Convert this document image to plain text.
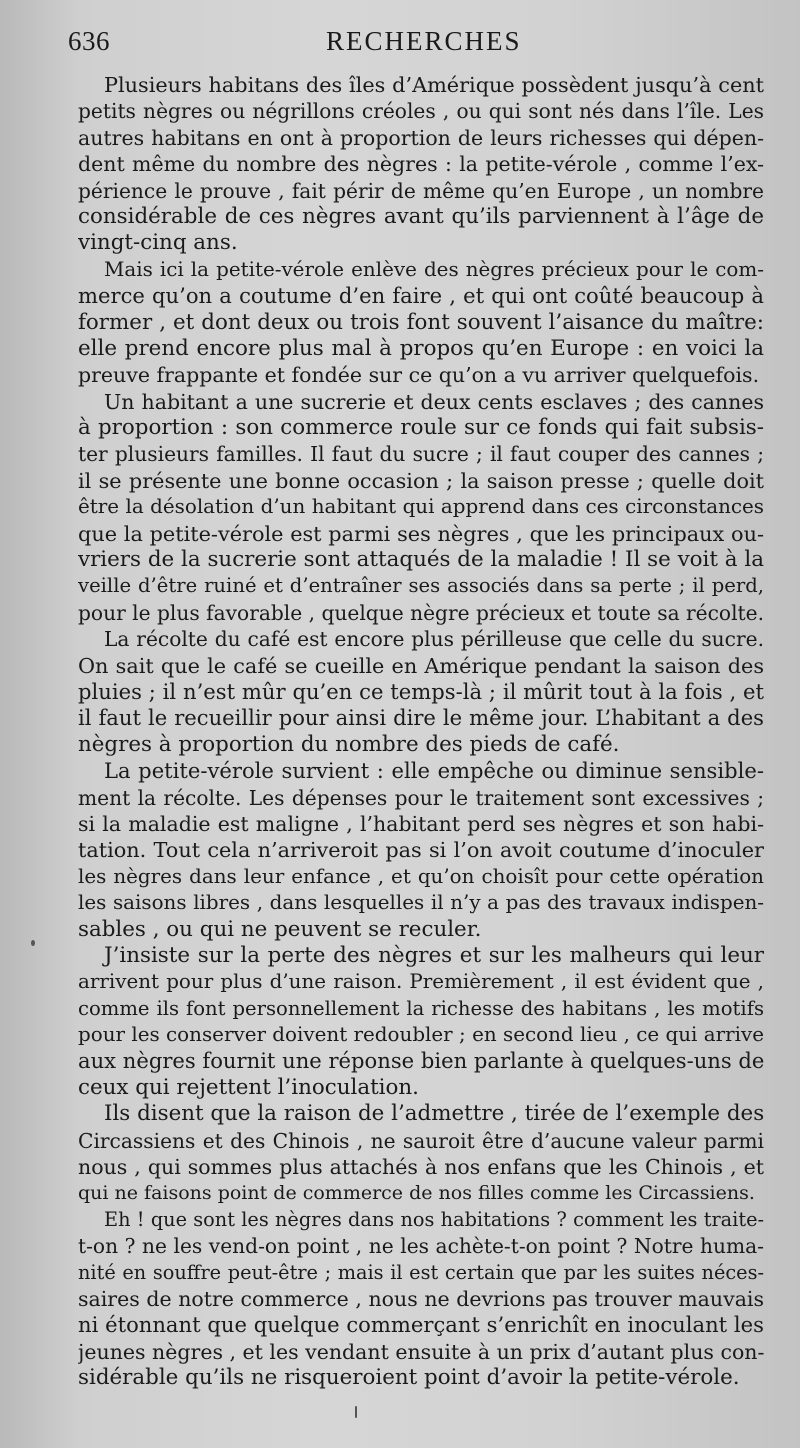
636	RECHERCHES
Plusieurs habitans des îles d’Amérique possèdent jusqu’à cent
petits nègres ou négrillons créoles , ou qui sont nés dans l’île. Les
autres habitans en ont à proportion de leurs richesses qui dépen-
dent même du nombre des nègres : la petite-vérole , comme l’ex-
périence le prouve , fait périr de même qu’en Europe , un nombre
considérable de ces nègres avant qu’ils parviennent à l’âge de
vingt-cinq ans.
Mais ici la petite-vérole enlève des nègres précieux pour le com-
merce qu’on a coutume d’en faire , et qui ont coûté beaucoup à
former , et dont deux ou trois font souvent l’aisance du maître:
elle prend encore plus mal à propos qu’en Europe : en voici la
preuve frappante et fondée sur ce qu’on a vu arriver quelquefois.
Un habitant a une sucrerie et deux cents esclaves ; des cannes
à proportion : son commerce roule sur ce fonds qui fait subsis-
ter plusieurs familles. Il faut du sucre ; il faut couper des cannes ;
il se présente une bonne occasion ; la saison presse ; quelle doit
être la désolation d’un habitant qui apprend dans ces circonstances
que la petite-vérole est parmi ses nègres , que les principaux ou-
vriers de la sucrerie sont attaqués de la maladie ! Il se voit à la
veille d’être ruiné et d’entraîner ses associés dans sa perte ; il perd,
pour le plus favorable , quelque nègre précieux et toute sa récolte.
La récolte du café est encore plus périlleuse que celle du sucre.
On sait que le café se cueille en Amérique pendant la saison des
pluies ; il n’est mûr qu’en ce temps-là ; il mûrit tout à la fois , et
il faut le recueillir pour ainsi dire le même jour. L’habitant a des
nègres à proportion du nombre des pieds de café.
La petite-vérole survient : elle empêche ou diminue sensible-
ment la récolte. Les dépenses pour le traitement sont excessives ;
si la maladie est maligne , l’habitant perd ses nègres et son habi-
tation. Tout cela n’arriveroit pas si l’on avoit coutume d’inoculer
les nègres dans leur enfance , et qu’on choisît pour cette opération
les saisons libres , dans lesquelles il n’y a pas des travaux indispen-
sables , ou qui ne peuvent se reculer.
J’insiste sur la perte des nègres et sur les malheurs qui leur
arrivent pour plus d’une raison. Premièrement , il est évident que ,
comme ils font personnellement la richesse des habitans , les motifs
pour les conserver doivent redoubler ; en second lieu , ce qui arrive
aux nègres fournit une réponse bien parlante à quelques-uns de
ceux qui rejettent l’inoculation.
Ils disent que la raison de l’admettre , tirée de l’exemple des
Circassiens et des Chinois , ne sauroit être d’aucune valeur parmi
nous , qui sommes plus attachés à nos enfans que les Chinois , et
qui ne faisons point de commerce de nos filles comme les Circassiens.
Eh ! que sont les nègres dans nos habitations ? comment les traite-
t-on ? ne les vend-on point , ne les achète-t-on point ? Notre huma-
nité en souffre peut-être ; mais il est certain que par les suites néces-
saires de notre commerce , nous ne devrions pas trouver mauvais
ni étonnant que quelque commerçant s’enrichît en inoculant les
jeunes nègres , et les vendant ensuite à un prix d’autant plus con-
sidérable qu’ils ne risqueroient point d’avoir la petite-vérole.
